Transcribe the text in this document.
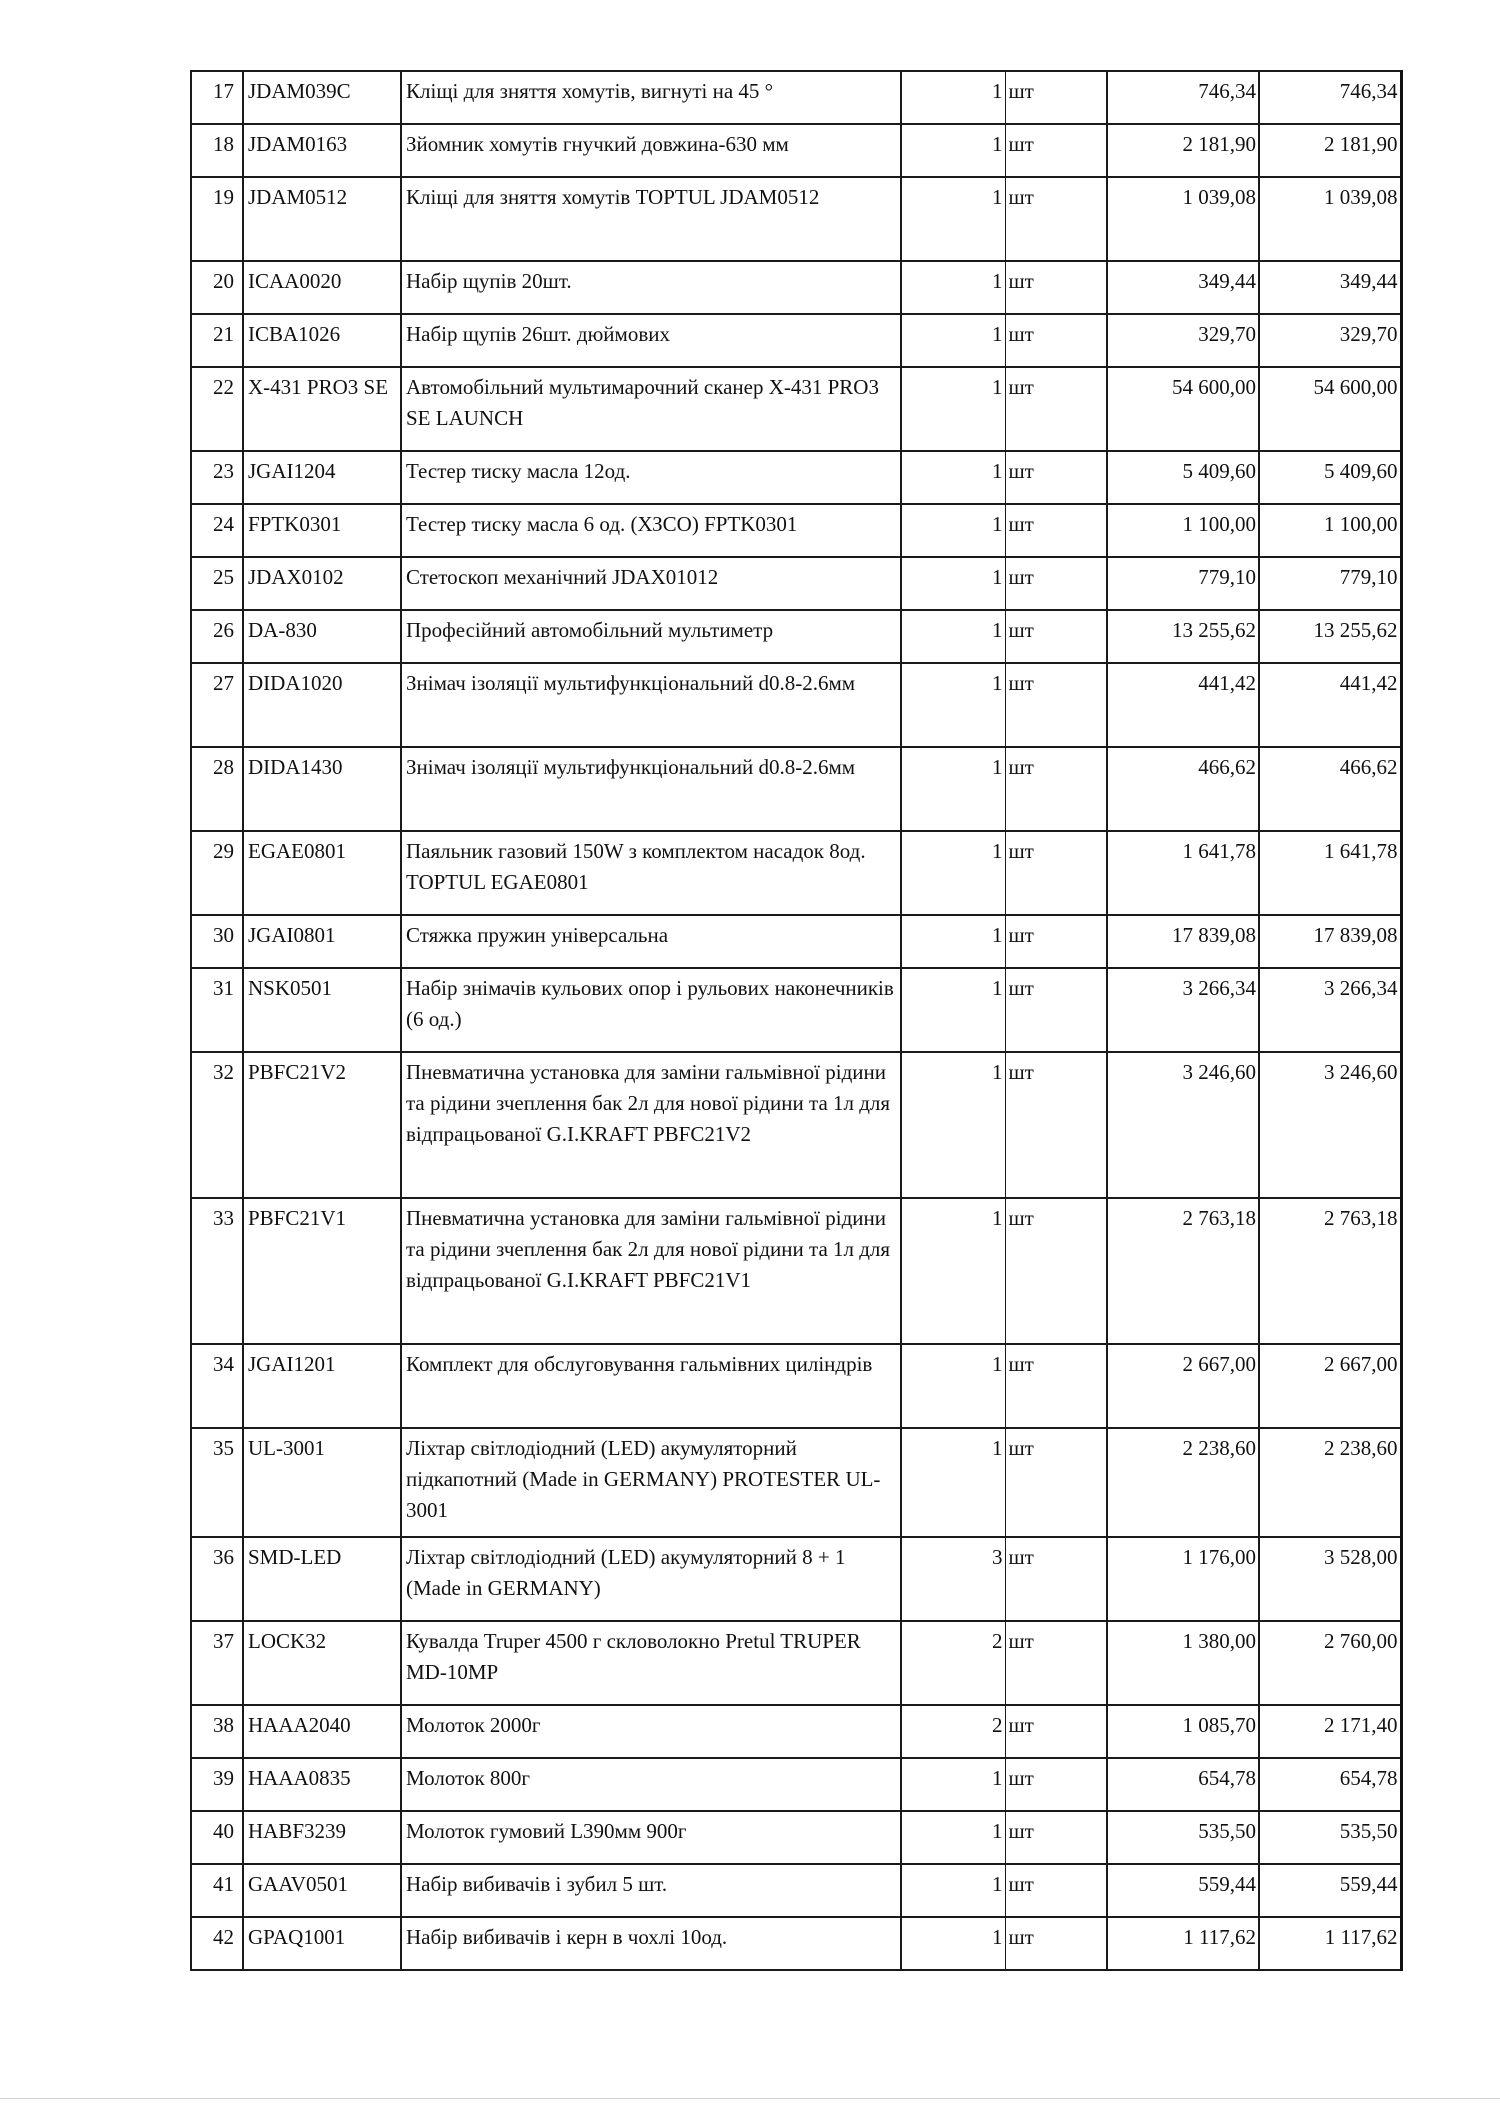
17	JDAM039C	Кліщі для зняття хомутів, вигнуті на 45 °	1	шт	746,34	746,34
18	JDAM0163	Зйомник хомутів гнучкий довжина-630 мм	1	шт	2 181,90	2 181,90
19	JDAM0512	Кліщі для зняття хомутів TOPTUL JDAM0512	1	шт	1 039,08	1 039,08
20	ICAA0020	Набір щупів 20шт.	1	шт	349,44	349,44
21	ICBA1026	Набір щупів 26шт. дюймових	1	шт	329,70	329,70
22	X-431 PRO3 SE	Автомобільний мультимарочний сканер X-431 PRO3 SE LAUNCH	1	шт	54 600,00	54 600,00
23	JGAI1204	Тестер тиску масла 12од.	1	шт	5 409,60	5 409,60
24	FPTK0301	Тестер тиску масла 6 од. (ХЗСО) FPTK0301	1	шт	1 100,00	1 100,00
25	JDAX0102	Стетоскоп механічний JDAX01012	1	шт	779,10	779,10
26	DA-830	Професійний автомобільний мультиметр	1	шт	13 255,62	13 255,62
27	DIDA1020	Знімач ізоляції мультифункціональний d0.8-2.6мм	1	шт	441,42	441,42
28	DIDA1430	Знімач ізоляції мультифункціональний d0.8-2.6мм	1	шт	466,62	466,62
29	EGAE0801	Паяльник газовий 150W з комплектом насадок 8од. TOPTUL EGAE0801	1	шт	1 641,78	1 641,78
30	JGAI0801	Стяжка пружин універсальна	1	шт	17 839,08	17 839,08
31	NSK0501	Набір знімачів кульових опор і рульових наконечників (6 од.)	1	шт	3 266,34	3 266,34
32	PBFC21V2	Пневматична установка для заміни гальмівної рідини та рідини зчеплення бак 2л для нової рідини та 1л для відпрацьованої G.I.KRAFT PBFC21V2	1	шт	3 246,60	3 246,60
33	PBFC21V1	Пневматична установка для заміни гальмівної рідини та рідини зчеплення бак 2л для нової рідини та 1л для відпрацьованої G.I.KRAFT PBFC21V1	1	шт	2 763,18	2 763,18
34	JGAI1201	Комплект для обслуговування гальмівних циліндрів	1	шт	2 667,00	2 667,00
35	UL-3001	Ліхтар світлодіодний (LED) акумуляторний підкапотний (Made in GERMANY) PROTESTER UL-3001	1	шт	2 238,60	2 238,60
36	SMD-LED	Ліхтар світлодіодний (LED) акумуляторний 8 + 1 (Made in GERMANY)	3	шт	1 176,00	3 528,00
37	LOCK32	Кувалда Truper 4500 г скловолокно Pretul TRUPER MD-10MP	2	шт	1 380,00	2 760,00
38	HAAA2040	Молоток 2000г	2	шт	1 085,70	2 171,40
39	HAAA0835	Молоток 800г	1	шт	654,78	654,78
40	HABF3239	Молоток гумовий L390мм 900г	1	шт	535,50	535,50
41	GAAV0501	Набір вибивачів і зубил 5 шт.	1	шт	559,44	559,44
42	GPAQ1001	Набір вибивачів і керн в чохлі 10од.	1	шт	1 117,62	1 117,62
